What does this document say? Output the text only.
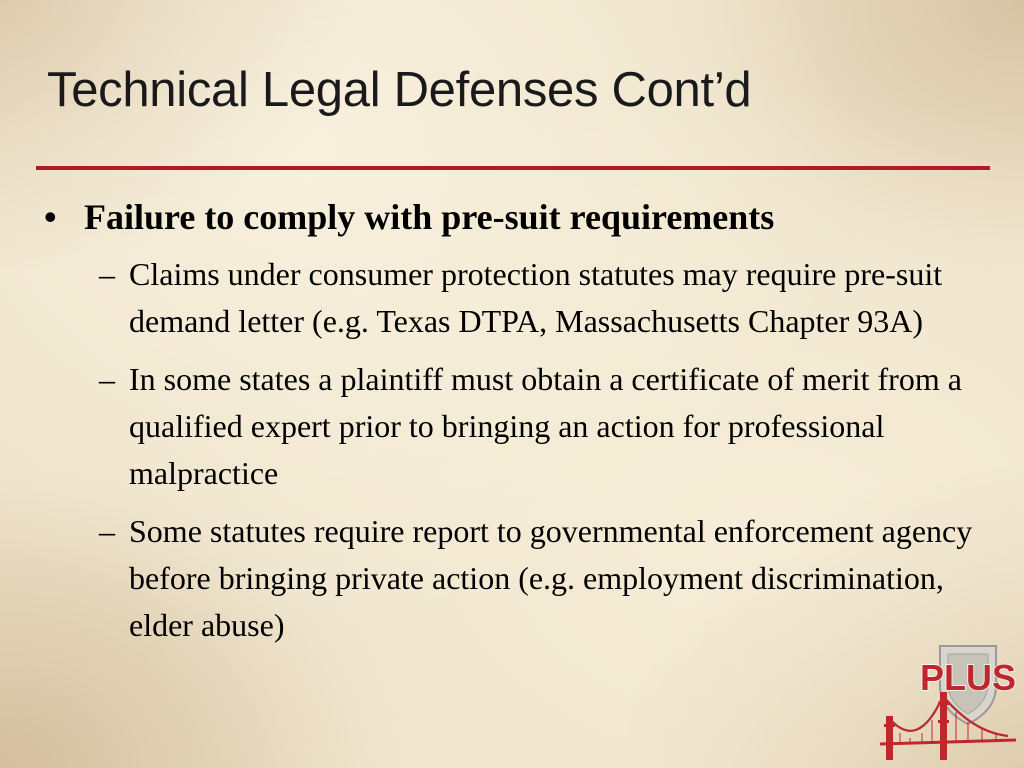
Technical Legal Defenses Cont’d
• Failure to comply with pre-suit requirements
– Claims under consumer protection statutes may require pre-suit demand letter (e.g. Texas DTPA, Massachusetts Chapter 93A)
– In some states a plaintiff must obtain a certificate of merit from a qualified expert prior to bringing an action for professional malpractice
– Some statutes require report to governmental enforcement agency before bringing private action (e.g. employment discrimination, elder abuse)
PLUS
